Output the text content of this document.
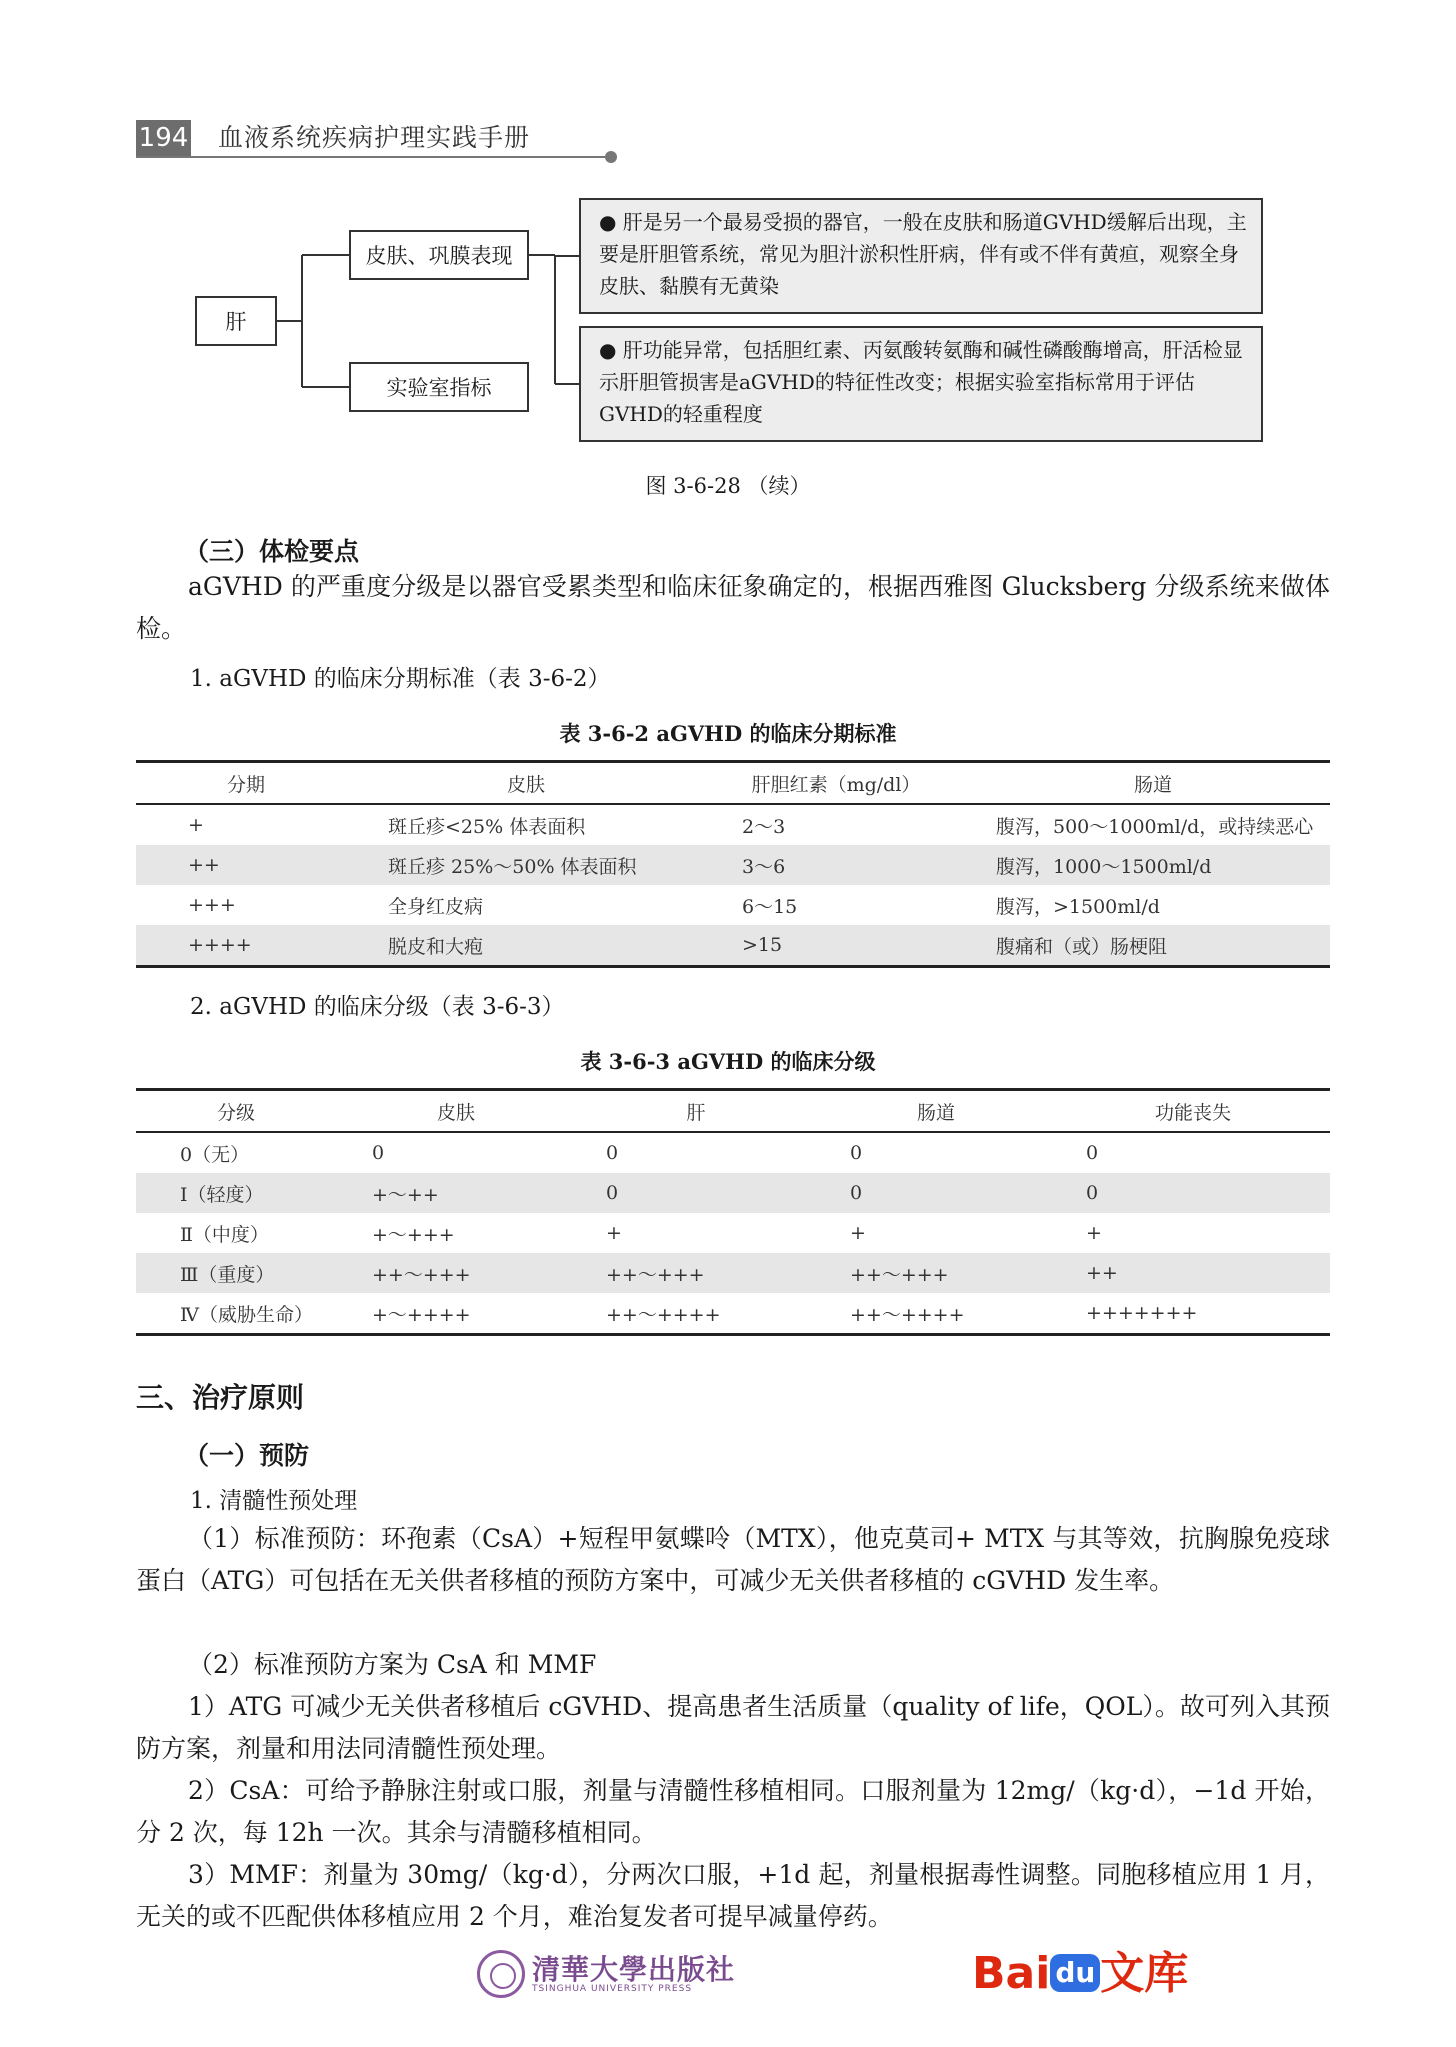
194 血液系统疾病护理实践手册
肝
皮肤、巩膜表现
实验室指标
● 肝是另一个最易受损的器官，一般在皮肤和肠道GVHD缓解后出现，主要是肝胆管系统，常见为胆汁淤积性肝病，伴有或不伴有黄疸，观察全身皮肤、黏膜有无黄染
● 肝功能异常，包括胆红素、丙氨酸转氨酶和碱性磷酸酶增高，肝活检显示肝胆管损害是aGVHD的特征性改变；根据实验室指标常用于评估GVHD的轻重程度
图 3-6-28 （续）
（三）体检要点
aGVHD 的严重度分级是以器官受累类型和临床征象确定的，根据西雅图 Glucksberg 分级系统来做体检。
1. aGVHD 的临床分期标准（表 3-6-2）
表 3-6-2 aGVHD 的临床分期标准
分期	皮肤	肝胆红素（mg/dl）	肠道
+	斑丘疹<25% 体表面积	2～3	腹泻，500～1000ml/d，或持续恶心
++	斑丘疹 25%～50% 体表面积	3～6	腹泻，1000～1500ml/d
+++	全身红皮病	6～15	腹泻，>1500ml/d
++++	脱皮和大疱	>15	腹痛和（或）肠梗阻
2. aGVHD 的临床分级（表 3-6-3）
表 3-6-3 aGVHD 的临床分级
分级	皮肤	肝	肠道	功能丧失
0（无）	0	0	0	0
Ⅰ（轻度）	+～++	0	0	0
Ⅱ（中度）	+～+++	+	+	+
Ⅲ（重度）	++～+++	++～+++	++～+++	++
Ⅳ（威胁生命）	+～++++	++～++++	++～++++	+++++++
三、治疗原则
（一）预防
1. 清髓性预处理
（1）标准预防：环孢素（CsA）+短程甲氨蝶呤（MTX），他克莫司+ MTX 与其等效，抗胸腺免疫球蛋白（ATG）可包括在无关供者移植的预防方案中，可减少无关供者移植的 cGVHD 发生率。
（2）标准预防方案为 CsA 和 MMF
1）ATG 可减少无关供者移植后 cGVHD、提高患者生活质量（quality of life，QOL）。故可列入其预防方案，剂量和用法同清髓性预处理。
2）CsA：可给予静脉注射或口服，剂量与清髓性移植相同。口服剂量为 12mg/（kg·d），−1d 开始，分 2 次，每 12h 一次。其余与清髓移植相同。
3）MMF：剂量为 30mg/（kg·d），分两次口服，+1d 起，剂量根据毒性调整。同胞移植应用 1 月，无关的或不匹配供体移植应用 2 个月，难治复发者可提早减量停药。
清華大學出版社
TSINGHUA UNIVERSITY PRESS	Bai du 文库
